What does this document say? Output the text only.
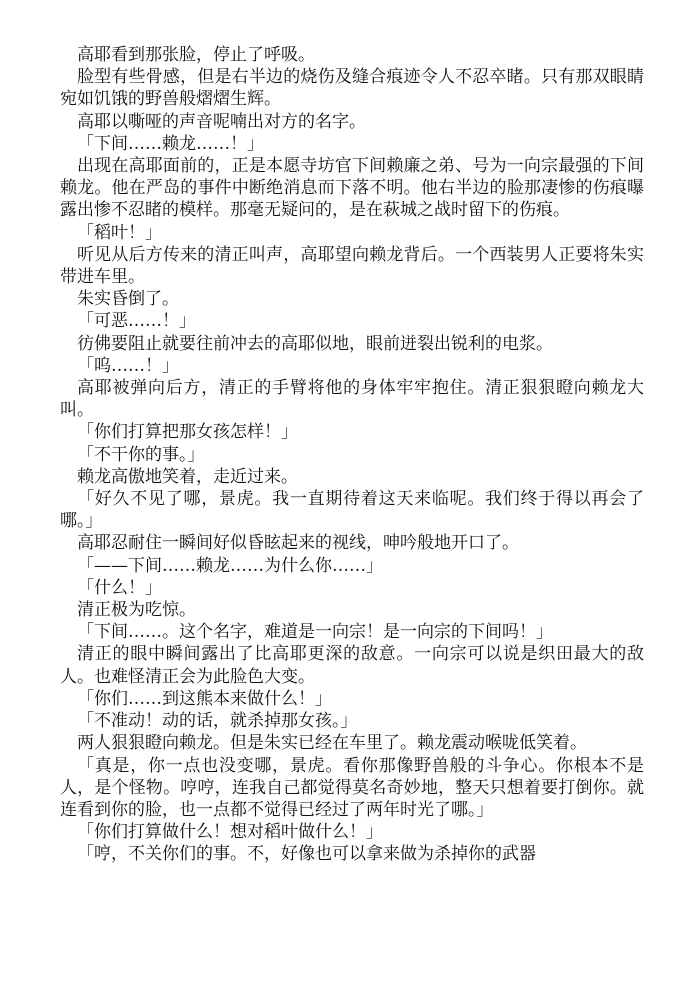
高耶看到那张脸，停止了呼吸。

脸型有些骨感，但是右半边的烧伤及缝合痕迹令人不忍卒睹。只有那双眼睛宛如饥饿的野兽般熠熠生辉。

高耶以嘶哑的声音呢喃出对方的名字。

「下间……赖龙……！」

出现在高耶面前的，正是本愿寺坊官下间赖廉之弟、号为一向宗最强的下间赖龙。他在严岛的事件中断绝消息而下落不明。他右半边的脸那凄惨的伤痕曝露出惨不忍睹的模样。那毫无疑问的，是在萩城之战时留下的伤痕。

「稻叶！」

听见从后方传来的清正叫声，高耶望向赖龙背后。一个西装男人正要将朱实带进车里。

朱实昏倒了。

「可恶……！」

彷佛要阻止就要往前冲去的高耶似地，眼前迸裂出锐利的电浆。

「呜……！」

高耶被弹向后方，清正的手臂将他的身体牢牢抱住。清正狠狠瞪向赖龙大叫。

「你们打算把那女孩怎样！」

「不干你的事。」

赖龙高傲地笑着，走近过来。

「好久不见了哪，景虎。我一直期待着这天来临呢。我们终于得以再会了哪。」

高耶忍耐住一瞬间好似昏眩起来的视线，呻吟般地开口了。

「——下间……赖龙……为什么你……」

「什么！」

清正极为吃惊。

「下间……。这个名字，难道是一向宗！是一向宗的下间吗！」

清正的眼中瞬间露出了比高耶更深的敌意。一向宗可以说是织田最大的敌人。也难怪清正会为此脸色大变。

「你们……到这熊本来做什么！」

「不准动！动的话，就杀掉那女孩。」

两人狠狠瞪向赖龙。但是朱实已经在车里了。赖龙震动喉咙低笑着。

「真是，你一点也没变哪，景虎。看你那像野兽般的斗争心。你根本不是人，是个怪物。哼哼，连我自己都觉得莫名奇妙地，整天只想着要打倒你。就连看到你的脸，也一点都不觉得已经过了两年时光了哪。」

「你们打算做什么！想对稻叶做什么！」

「哼，不关你们的事。不，好像也可以拿来做为杀掉你的武器
